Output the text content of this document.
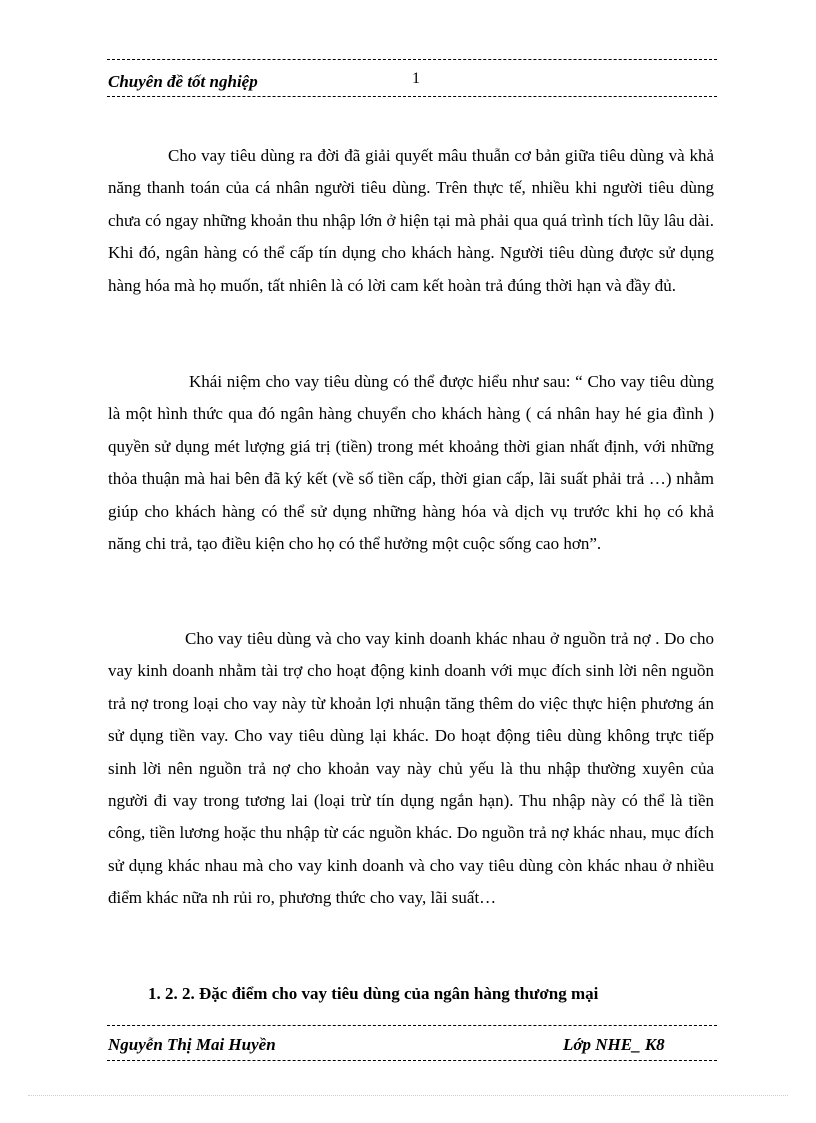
Chuyên đề tốt nghiệp	1

Cho vay tiêu dùng ra đời đã giải quyết mâu thuẫn cơ bản giữa tiêu dùng và khả năng thanh toán của cá nhân người tiêu dùng. Trên thực tế, nhiều khi người tiêu dùng chưa có ngay những khoản thu nhập lớn ở hiện tại mà phải qua quá trình tích lũy lâu dài. Khi đó, ngân hàng có thể cấp tín dụng cho khách hàng. Người tiêu dùng được sử dụng hàng hóa mà họ muốn, tất nhiên là có lời cam kết hoàn trả đúng thời hạn và đầy đủ.

Khái niệm cho vay tiêu dùng có thể được hiểu như sau: “ Cho vay tiêu dùng là một hình thức qua đó ngân hàng chuyển cho khách hàng ( cá nhân hay hé gia đình ) quyền sử dụng mét lượng giá trị (tiền) trong mét khoảng thời gian nhất định, với những thỏa thuận mà hai bên đã ký kết (về số tiền cấp, thời gian cấp, lãi suất phải trả …) nhằm giúp cho khách hàng có thể sử dụng những hàng hóa và dịch vụ trước khi họ có khả năng chi trả, tạo điều kiện cho họ có thể hưởng một cuộc sống cao hơn”.

Cho vay tiêu dùng và cho vay kinh doanh khác nhau ở nguồn trả nợ . Do cho vay kinh doanh nhằm tài trợ cho hoạt động kinh doanh với mục đích sinh lời nên nguồn trả nợ trong loại cho vay này từ khoản lợi nhuận tăng thêm do việc thực hiện phương án sử dụng tiền vay. Cho vay tiêu dùng lại khác. Do hoạt động tiêu dùng không trực tiếp sinh lời nên nguồn trả nợ cho khoản vay này chủ yếu là thu nhập thường xuyên của người đi vay trong tương lai (loại trừ tín dụng ngắn hạn). Thu nhập này có thể là tiền công, tiền lương hoặc thu nhập từ các nguồn khác. Do nguồn trả nợ khác nhau, mục đích sử dụng khác nhau mà cho vay kinh doanh và cho vay tiêu dùng còn khác nhau ở nhiều điểm khác nữa nh rủi ro, phương thức cho vay, lãi suất…

1. 2. 2. Đặc điểm cho vay tiêu dùng của ngân hàng thương mại
Nguyễn Thị Mai Huyền	Lớp NHE_ K8
